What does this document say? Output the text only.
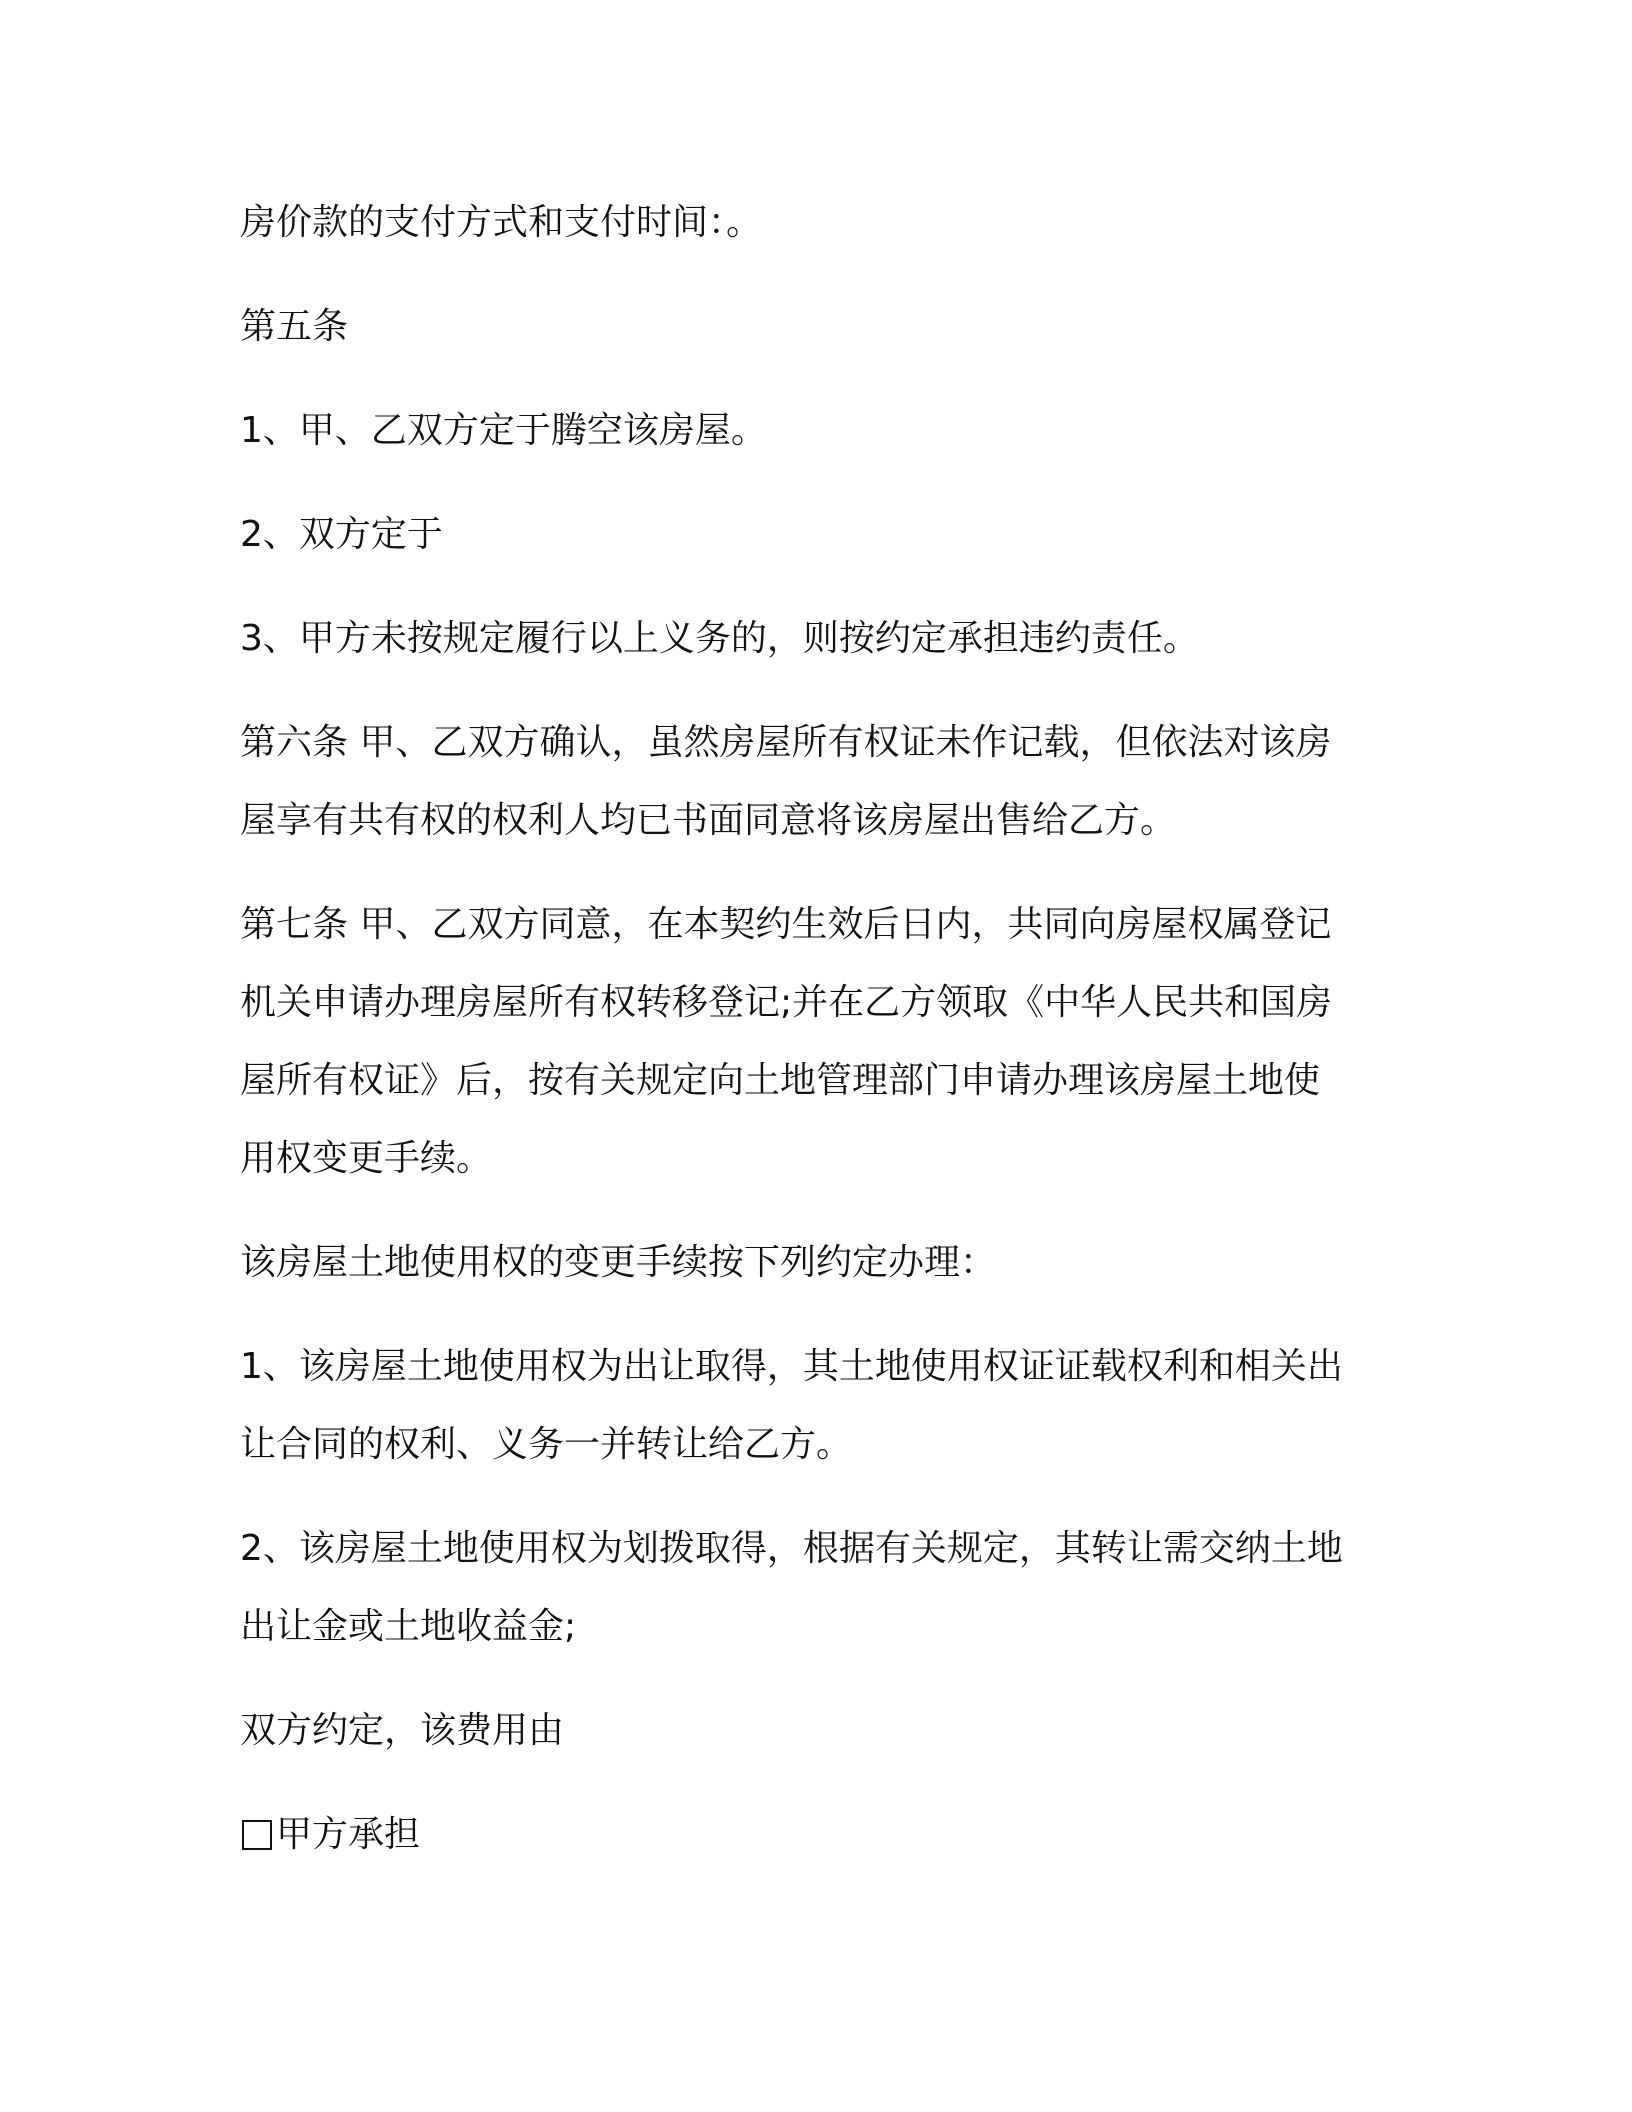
房价款的支付方式和支付时间：。

第五条

1、甲、乙双方定于腾空该房屋。

2、双方定于

3、甲方未按规定履行以上义务的，则按约定承担违约责任。

第六条 甲、乙双方确认，虽然房屋所有权证未作记载，但依法对该房
屋享有共有权的权利人均已书面同意将该房屋出售给乙方。

第七条 甲、乙双方同意，在本契约生效后日内，共同向房屋权属登记
机关申请办理房屋所有权转移登记;并在乙方领取《中华人民共和国房
屋所有权证》后，按有关规定向土地管理部门申请办理该房屋土地使
用权变更手续。

该房屋土地使用权的变更手续按下列约定办理：

1、该房屋土地使用权为出让取得，其土地使用权证证载权利和相关出
让合同的权利、义务一并转让给乙方。

2、该房屋土地使用权为划拨取得，根据有关规定，其转让需交纳土地
出让金或土地收益金;

双方约定，该费用由

甲方承担
